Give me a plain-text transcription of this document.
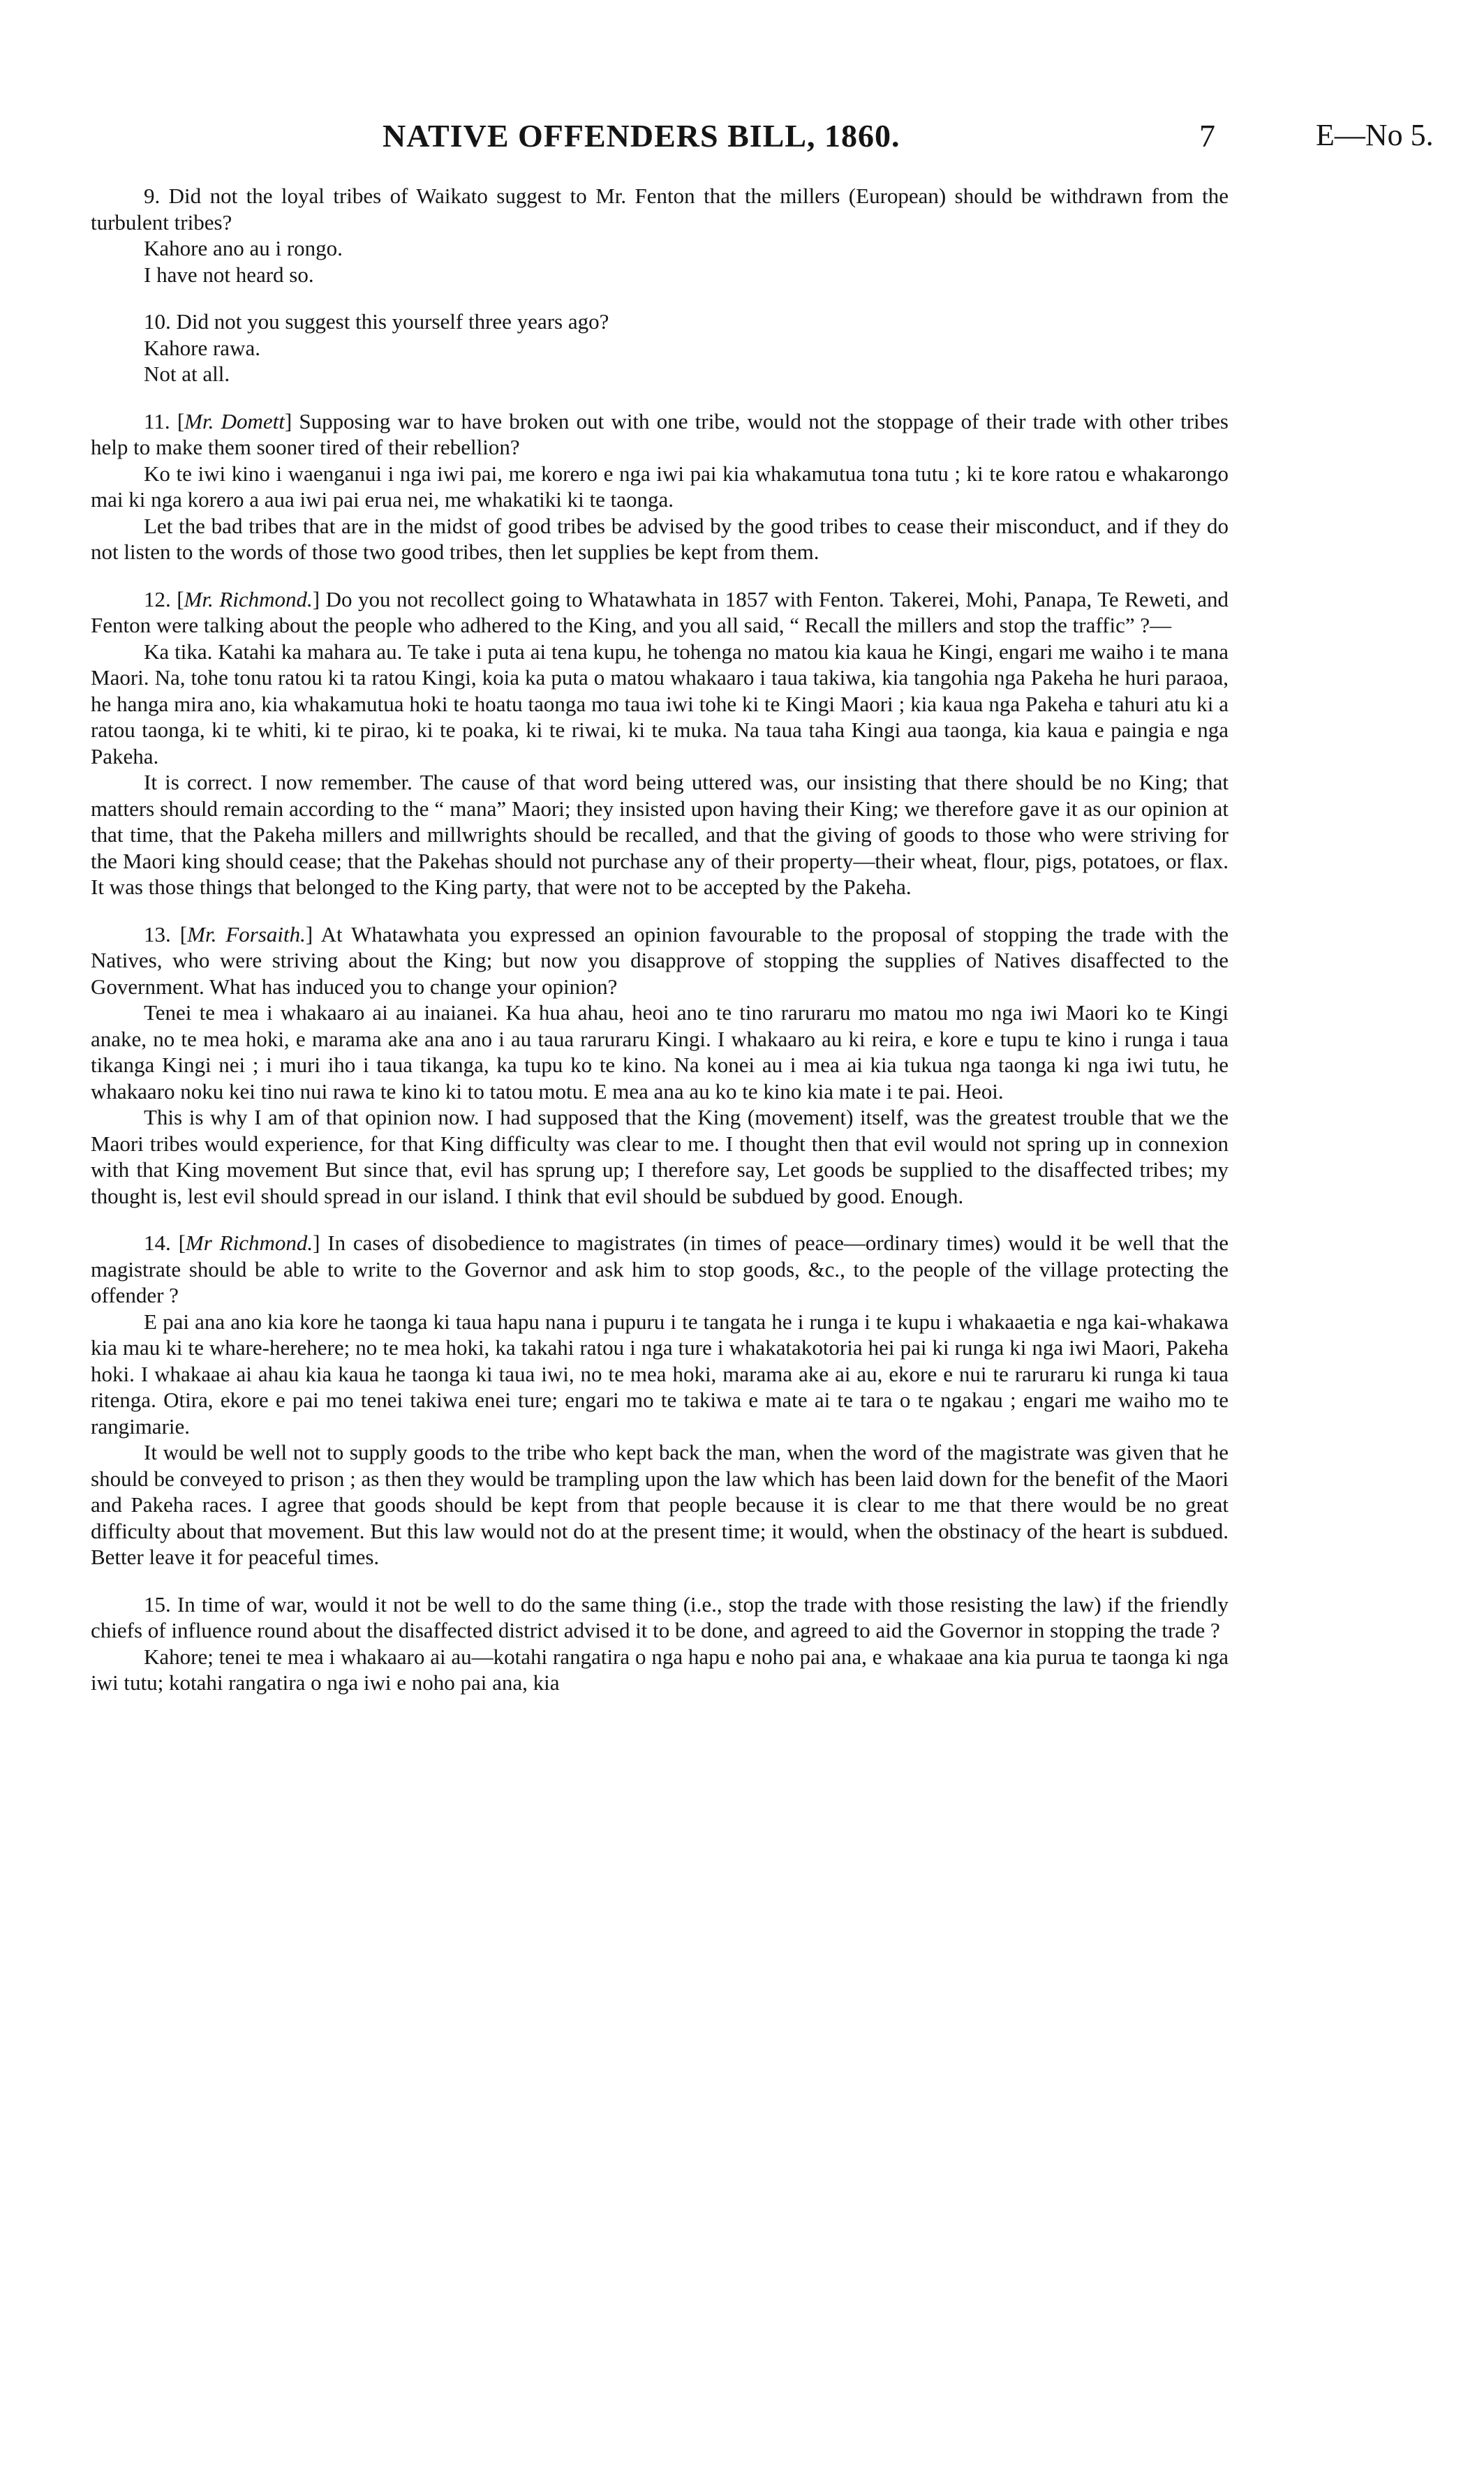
NATIVE OFFENDERS BILL, 1860.	7	E—No 5.

9. Did not the loyal tribes of Waikato suggest to Mr. Fenton that the millers (European) should be withdrawn from the turbulent tribes?

Kahore ano au i rongo.

I have not heard so.

10. Did not you suggest this yourself three years ago?

Kahore rawa.

Not at all.

11. [Mr. Domett] Supposing war to have broken out with one tribe, would not the stoppage of their trade with other tribes help to make them sooner tired of their rebellion?

Ko te iwi kino i waenganui i nga iwi pai, me korero e nga iwi pai kia whakamutua tona tutu ; ki te kore ratou e whakarongo mai ki nga korero a aua iwi pai erua nei, me whakatiki ki te taonga.

Let the bad tribes that are in the midst of good tribes be advised by the good tribes to cease their misconduct, and if they do not listen to the words of those two good tribes, then let supplies be kept from them.

12. [Mr. Richmond.] Do you not recollect going to Whatawhata in 1857 with Fenton. Takerei, Mohi, Panapa, Te Reweti, and Fenton were talking about the people who adhered to the King, and you all said, “ Recall the millers and stop the traffic” ?—

Ka tika. Katahi ka mahara au. Te take i puta ai tena kupu, he tohenga no matou kia kaua he Kingi, engari me waiho i te mana Maori. Na, tohe tonu ratou ki ta ratou Kingi, koia ka puta o matou whakaaro i taua takiwa, kia tangohia nga Pakeha he huri paraoa, he hanga mira ano, kia whakamutua hoki te hoatu taonga mo taua iwi tohe ki te Kingi Maori ; kia kaua nga Pakeha e tahuri atu ki a ratou taonga, ki te whiti, ki te pirao, ki te poaka, ki te riwai, ki te muka. Na taua taha Kingi aua taonga, kia kaua e paingia e nga Pakeha.

It is correct. I now remember. The cause of that word being uttered was, our insisting that there should be no King; that matters should remain according to the “ mana” Maori; they insisted upon having their King; we therefore gave it as our opinion at that time, that the Pakeha millers and millwrights should be recalled, and that the giving of goods to those who were striving for the Maori king should cease; that the Pakehas should not purchase any of their property—their wheat, flour, pigs, potatoes, or flax. It was those things that belonged to the King party, that were not to be accepted by the Pakeha.

13. [Mr. Forsaith.] At Whatawhata you expressed an opinion favourable to the proposal of stopping the trade with the Natives, who were striving about the King; but now you disapprove of stopping the supplies of Natives disaffected to the Government. What has induced you to change your opinion?

Tenei te mea i whakaaro ai au inaianei. Ka hua ahau, heoi ano te tino raruraru mo matou mo nga iwi Maori ko te Kingi anake, no te mea hoki, e marama ake ana ano i au taua raruraru Kingi. I whakaaro au ki reira, e kore e tupu te kino i runga i taua tikanga Kingi nei ; i muri iho i taua tikanga, ka tupu ko te kino. Na konei au i mea ai kia tukua nga taonga ki nga iwi tutu, he whakaaro noku kei tino nui rawa te kino ki to tatou motu. E mea ana au ko te kino kia mate i te pai. Heoi.

This is why I am of that opinion now. I had supposed that the King (movement) itself, was the greatest trouble that we the Maori tribes would experience, for that King difficulty was clear to me. I thought then that evil would not spring up in connexion with that King movement But since that, evil has sprung up; I therefore say, Let goods be supplied to the disaffected tribes; my thought is, lest evil should spread in our island. I think that evil should be subdued by good. Enough.

14. [Mr Richmond.] In cases of disobedience to magistrates (in times of peace—ordinary times) would it be well that the magistrate should be able to write to the Governor and ask him to stop goods, &c., to the people of the village protecting the offender ?

E pai ana ano kia kore he taonga ki taua hapu nana i pupuru i te tangata he i runga i te kupu i whakaaetia e nga kai-whakawa kia mau ki te whare-herehere; no te mea hoki, ka takahi ratou i nga ture i whakatakotoria hei pai ki runga ki nga iwi Maori, Pakeha hoki. I whakaae ai ahau kia kaua he taonga ki taua iwi, no te mea hoki, marama ake ai au, ekore e nui te raruraru ki runga ki taua ritenga. Otira, ekore e pai mo tenei takiwa enei ture; engari mo te takiwa e mate ai te tara o te ngakau ; engari me waiho mo te rangimarie.

It would be well not to supply goods to the tribe who kept back the man, when the word of the magistrate was given that he should be conveyed to prison ; as then they would be trampling upon the law which has been laid down for the benefit of the Maori and Pakeha races. I agree that goods should be kept from that people because it is clear to me that there would be no great difficulty about that movement. But this law would not do at the present time; it would, when the obstinacy of the heart is subdued. Better leave it for peaceful times.

15. In time of war, would it not be well to do the same thing (i.e., stop the trade with those resisting the law) if the friendly chiefs of influence round about the disaffected district advised it to be done, and agreed to aid the Governor in stopping the trade ?

Kahore; tenei te mea i whakaaro ai au—kotahi rangatira o nga hapu e noho pai ana, e whakaae ana kia purua te taonga ki nga iwi tutu; kotahi rangatira o nga iwi e noho pai ana, kia
